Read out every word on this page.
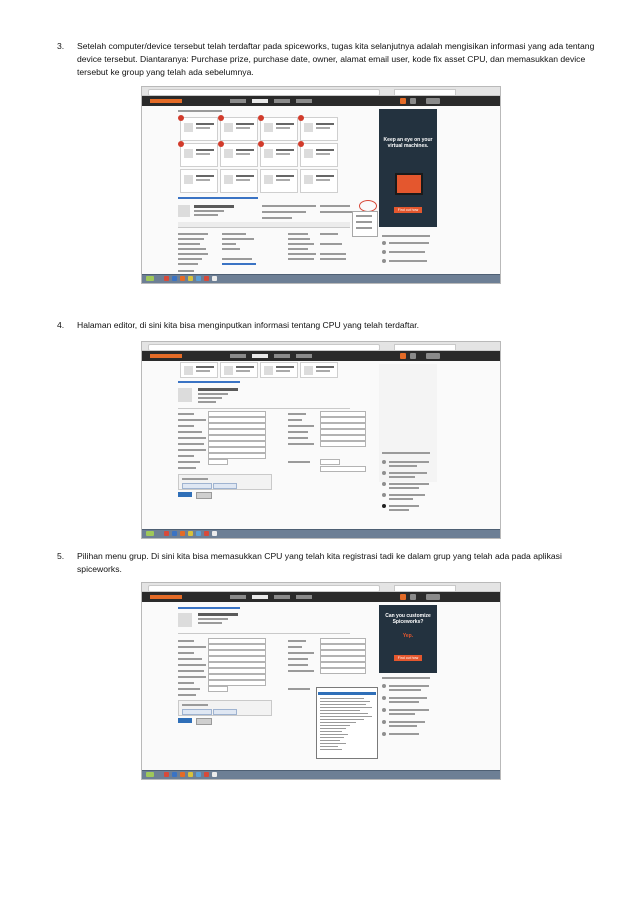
3. Setelah computer/device tersebut telah terdaftar pada spiceworks, tugas kita selanjutnya adalah mengisikan informasi yang ada tentang device tersebut. Diantaranya: Purchase prize, purchase date, owner, alamat email user, kode fix asset CPU, dan memasukkan device tersebut ke group yang telah ada sebelumnya.
Keep an eye on your virtual machines.
Find out how
4. Halaman editor, di sini kita bisa menginputkan informasi tentang CPU yang telah terdaftar.
5. Pilihan menu grup. Di sini kita bisa memasukkan CPU yang telah kita registrasi tadi ke dalam grup yang telah ada pada aplikasi spiceworks.
Can you customize Spiceworks?
Yep.
Find out how
